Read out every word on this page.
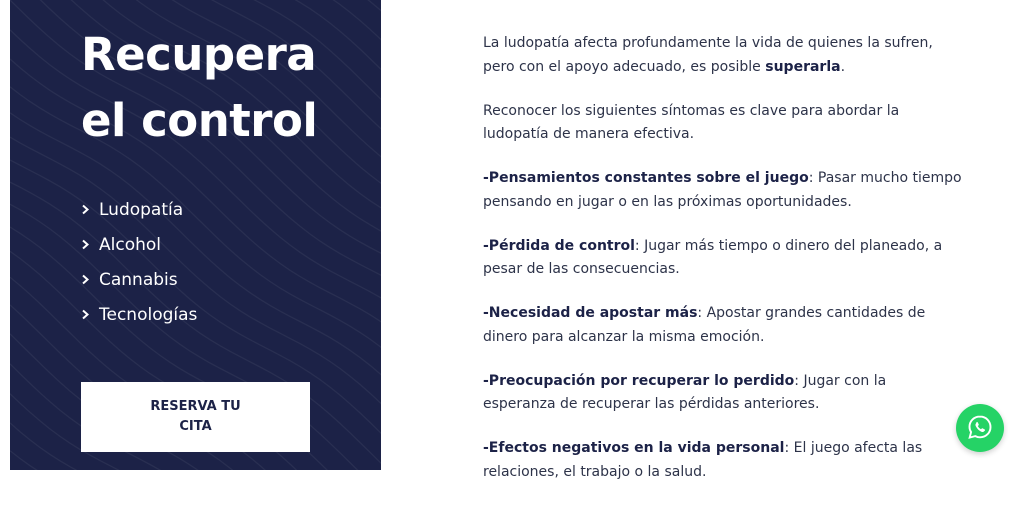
Recupera
el control
Ludopatía
Alcohol
Cannabis
Tecnologías
RESERVA TU CITA

La ludopatía afecta profundamente la vida de quienes la sufren, pero con el apoyo adecuado, es posible superarla.

Reconocer los siguientes síntomas es clave para abordar la ludopatía de manera efectiva.

-Pensamientos constantes sobre el juego: Pasar mucho tiempo pensando en jugar o en las próximas oportunidades.

-Pérdida de control: Jugar más tiempo o dinero del planeado, a pesar de las consecuencias.

-Necesidad de apostar más: Apostar grandes cantidades de dinero para alcanzar la misma emoción.

-Preocupación por recuperar lo perdido: Jugar con la esperanza de recuperar las pérdidas anteriores.

-Efectos negativos en la vida personal: El juego afecta las relaciones, el trabajo o la salud.
